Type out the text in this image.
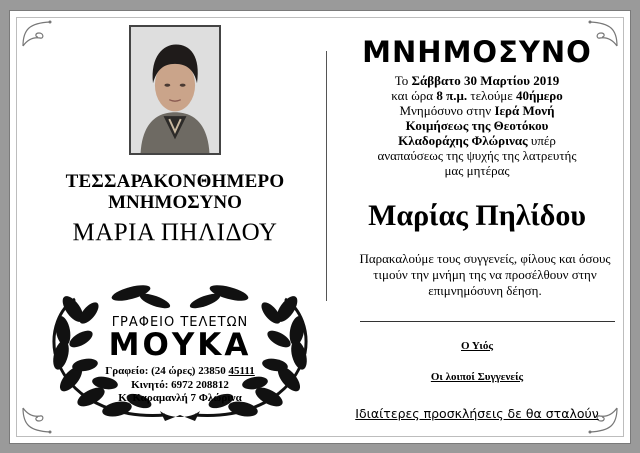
ΤΕΣΣΑΡΑΚΟΝΘΗΜΕΡΟ
ΜΝΗΜΟΣΥΝΟ
ΜΑΡΙΑ ΠΗΛΙΔΟΥ
ΓΡΑΦΕΙΟ ΤΕΛΕΤΩΝ
ΜΟΥΚΑ
Γραφείο: (24 ώρες) 23850 45111
Κινητό: 6972 208812
Κ. Καραμανλή 7 Φλώρινα
ΜΝΗΜΟΣΥΝΟ
Το Σάββατο 30 Μαρτίου 2019
και ώρα 8 π.μ. τελούμε 40ήμερο
Μνημόσυνο στην Ιερά Μονή
Κοιμήσεως της Θεοτόκου
Κλαδοράχης Φλώρινας υπέρ
αναπαύσεως της ψυχής της λατρευτής
μας μητέρας
Μαρίας Πηλίδου
Παρακαλούμε τους συγγενείς, φίλους και όσους τιμούν την μνήμη της να προσέλθουν στην επιμνημόσυνη δέηση.
Ο Υιός
Οι λοιποί Συγγενείς
Ιδιαίτερες προσκλήσεις δε θα σταλούν
